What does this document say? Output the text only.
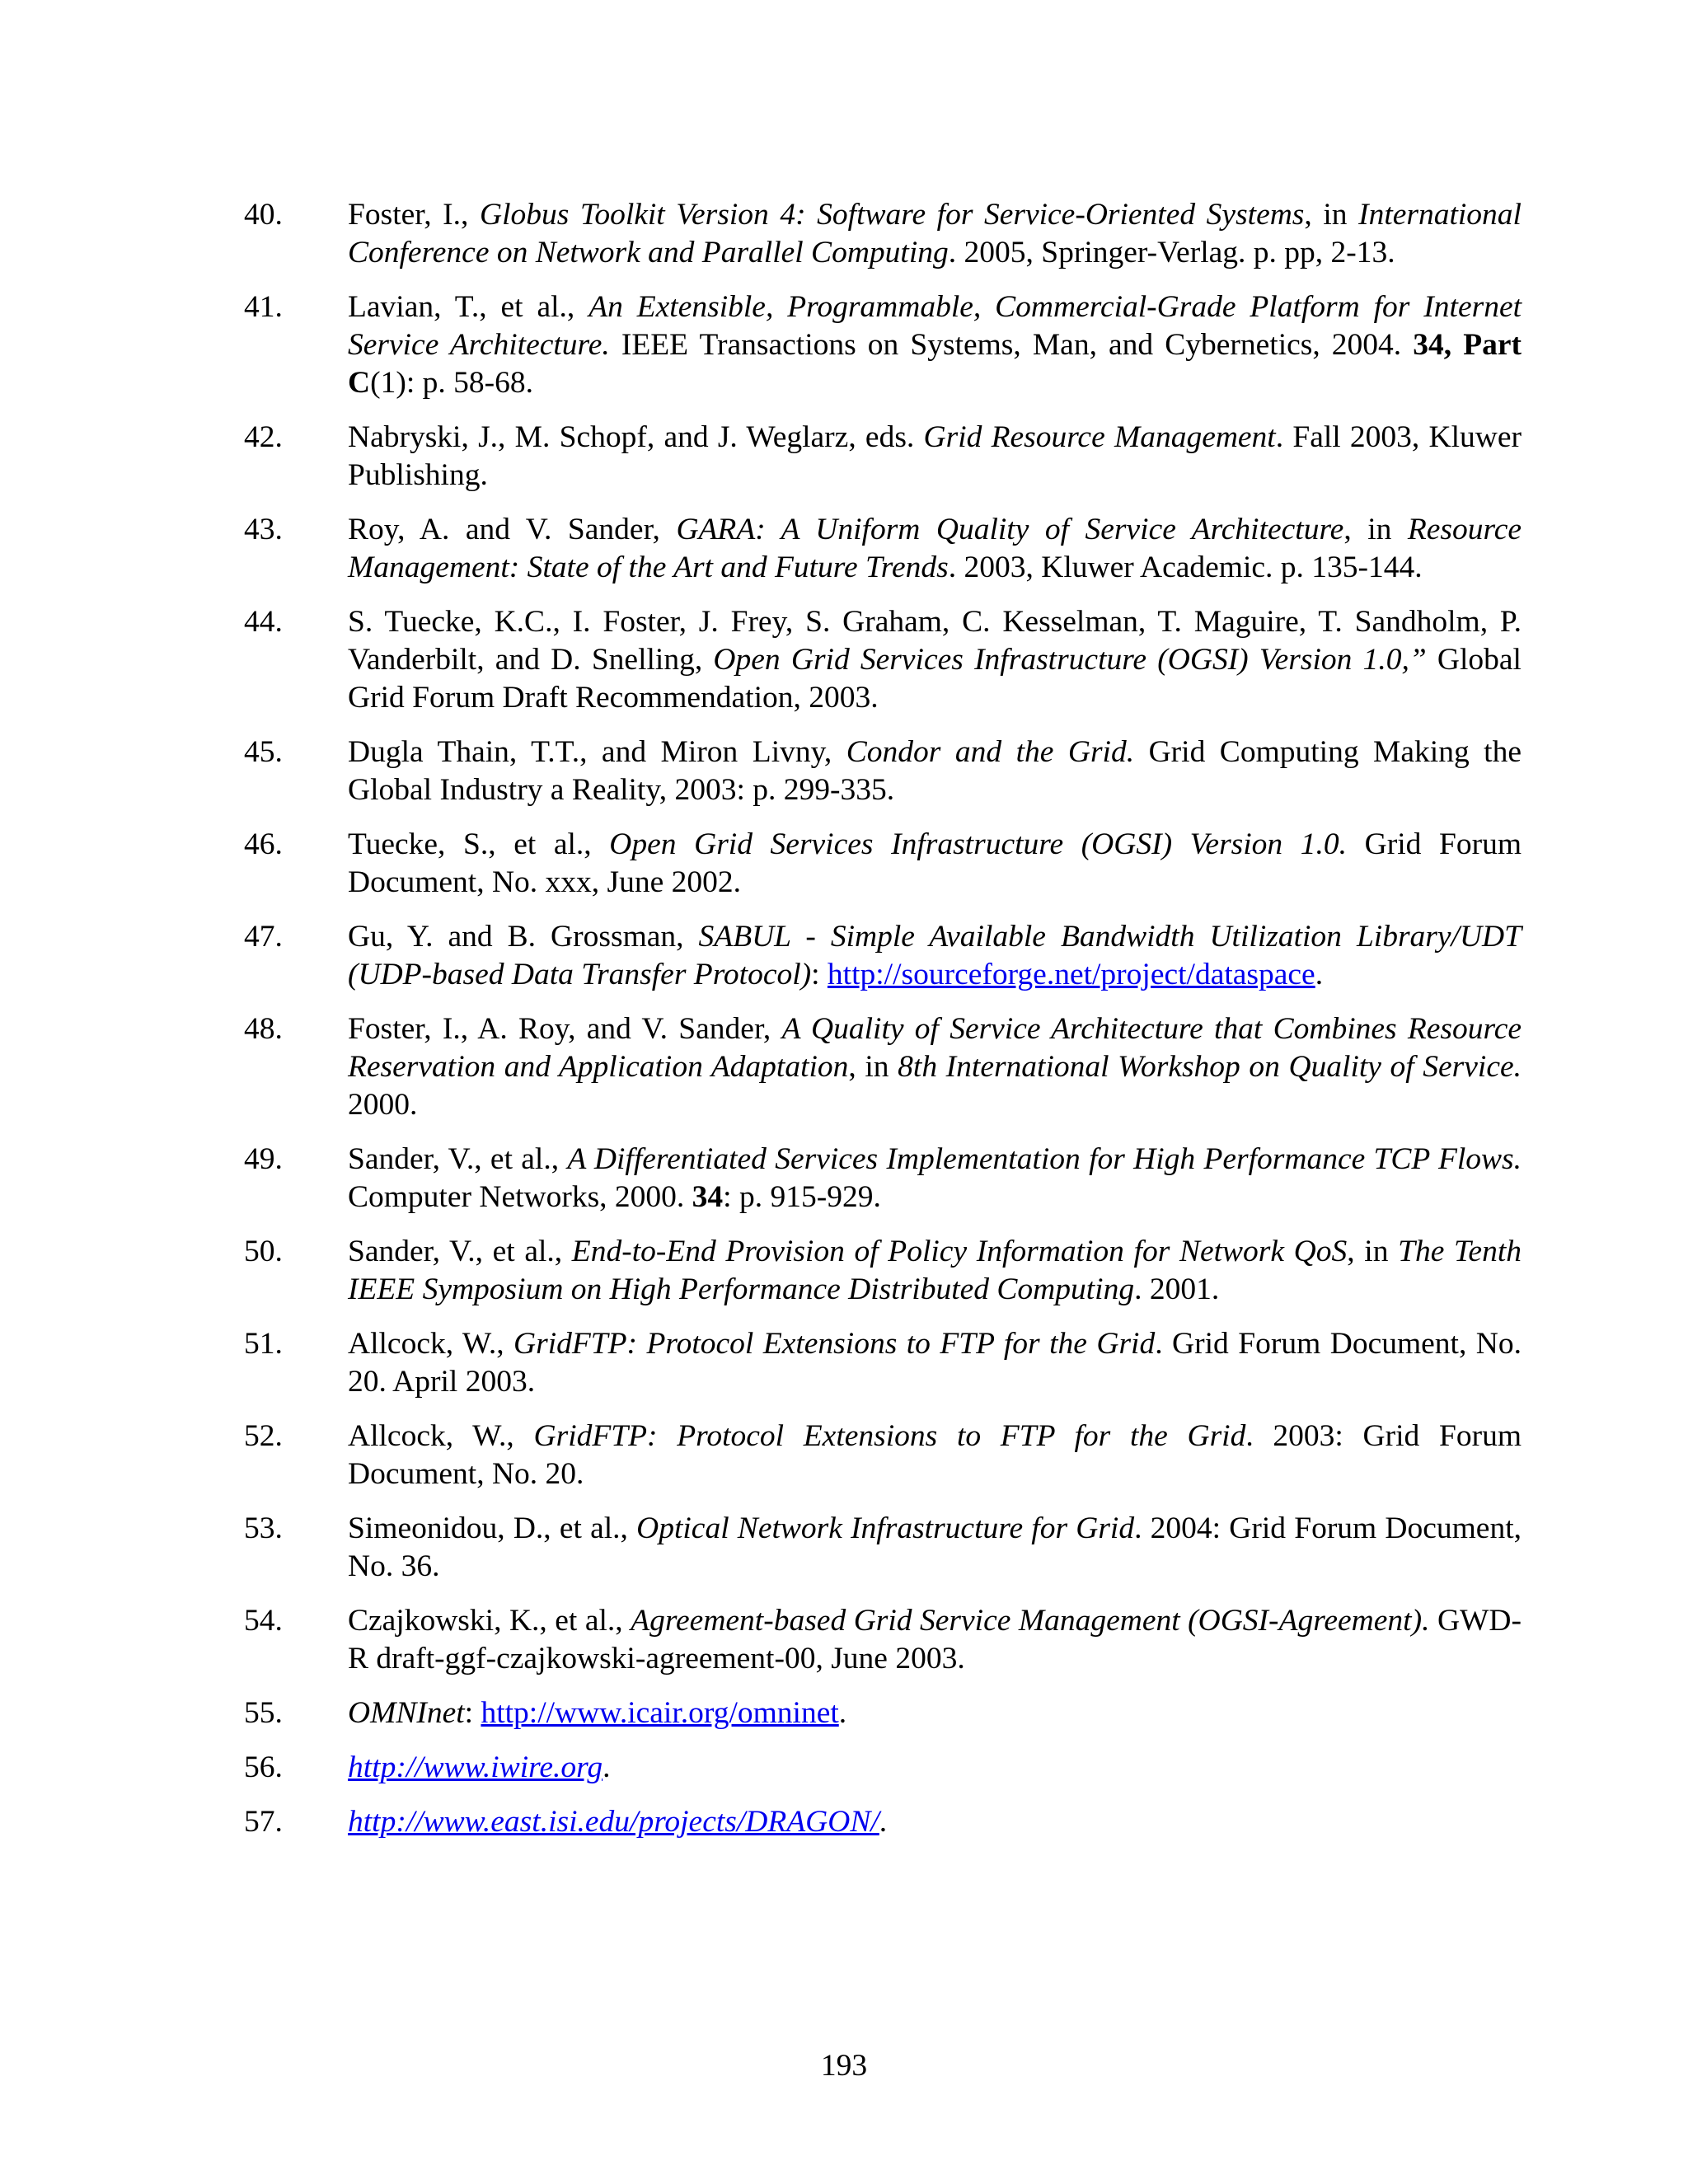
40.	Foster, I., Globus Toolkit Version 4: Software for Service-Oriented Systems, in International Conference on Network and Parallel Computing. 2005, Springer-Verlag. p. pp, 2-13.
41.	Lavian, T., et al., An Extensible, Programmable, Commercial-Grade Platform for Internet Service Architecture. IEEE Transactions on Systems, Man, and Cybernetics, 2004. 34, Part C(1): p. 58-68.
42.	Nabryski, J., M. Schopf, and J. Weglarz, eds. Grid Resource Management. Fall 2003, Kluwer Publishing.
43.	Roy, A. and V. Sander, GARA: A Uniform Quality of Service Architecture, in Resource Management: State of the Art and Future Trends. 2003, Kluwer Academic. p. 135-144.
44.	S. Tuecke, K.C., I. Foster, J. Frey, S. Graham, C. Kesselman, T. Maguire, T. Sandholm, P. Vanderbilt, and D. Snelling, Open Grid Services Infrastructure (OGSI) Version 1.0,” Global Grid Forum Draft Recommendation, 2003.
45.	Dugla Thain, T.T., and Miron Livny, Condor and the Grid. Grid Computing Making the Global Industry a Reality, 2003: p. 299-335.
46.	Tuecke, S., et al., Open Grid Services Infrastructure (OGSI) Version 1.0. Grid Forum Document, No. xxx, June 2002.
47.	Gu, Y. and B. Grossman, SABUL - Simple Available Bandwidth Utilization Library/UDT (UDP-based Data Transfer Protocol): http://sourceforge.net/project/dataspace.
48.	Foster, I., A. Roy, and V. Sander, A Quality of Service Architecture that Combines Resource Reservation and Application Adaptation, in 8th International Workshop on Quality of Service. 2000.
49.	Sander, V., et al., A Differentiated Services Implementation for High Performance TCP Flows. Computer Networks, 2000. 34: p. 915-929.
50.	Sander, V., et al., End-to-End Provision of Policy Information for Network QoS, in The Tenth IEEE Symposium on High Performance Distributed Computing. 2001.
51.	Allcock, W., GridFTP: Protocol Extensions to FTP for the Grid. Grid Forum Document, No. 20. April 2003.
52.	Allcock, W., GridFTP: Protocol Extensions to FTP for the Grid. 2003: Grid Forum Document, No. 20.
53.	Simeonidou, D., et al., Optical Network Infrastructure for Grid. 2004: Grid Forum Document, No. 36.
54.	Czajkowski, K., et al., Agreement-based Grid Service Management (OGSI-Agreement). GWD-R draft-ggf-czajkowski-agreement-00, June 2003.
55.	OMNInet: http://www.icair.org/omninet.
56.	http://www.iwire.org.
57.	http://www.east.isi.edu/projects/DRAGON/.
193
